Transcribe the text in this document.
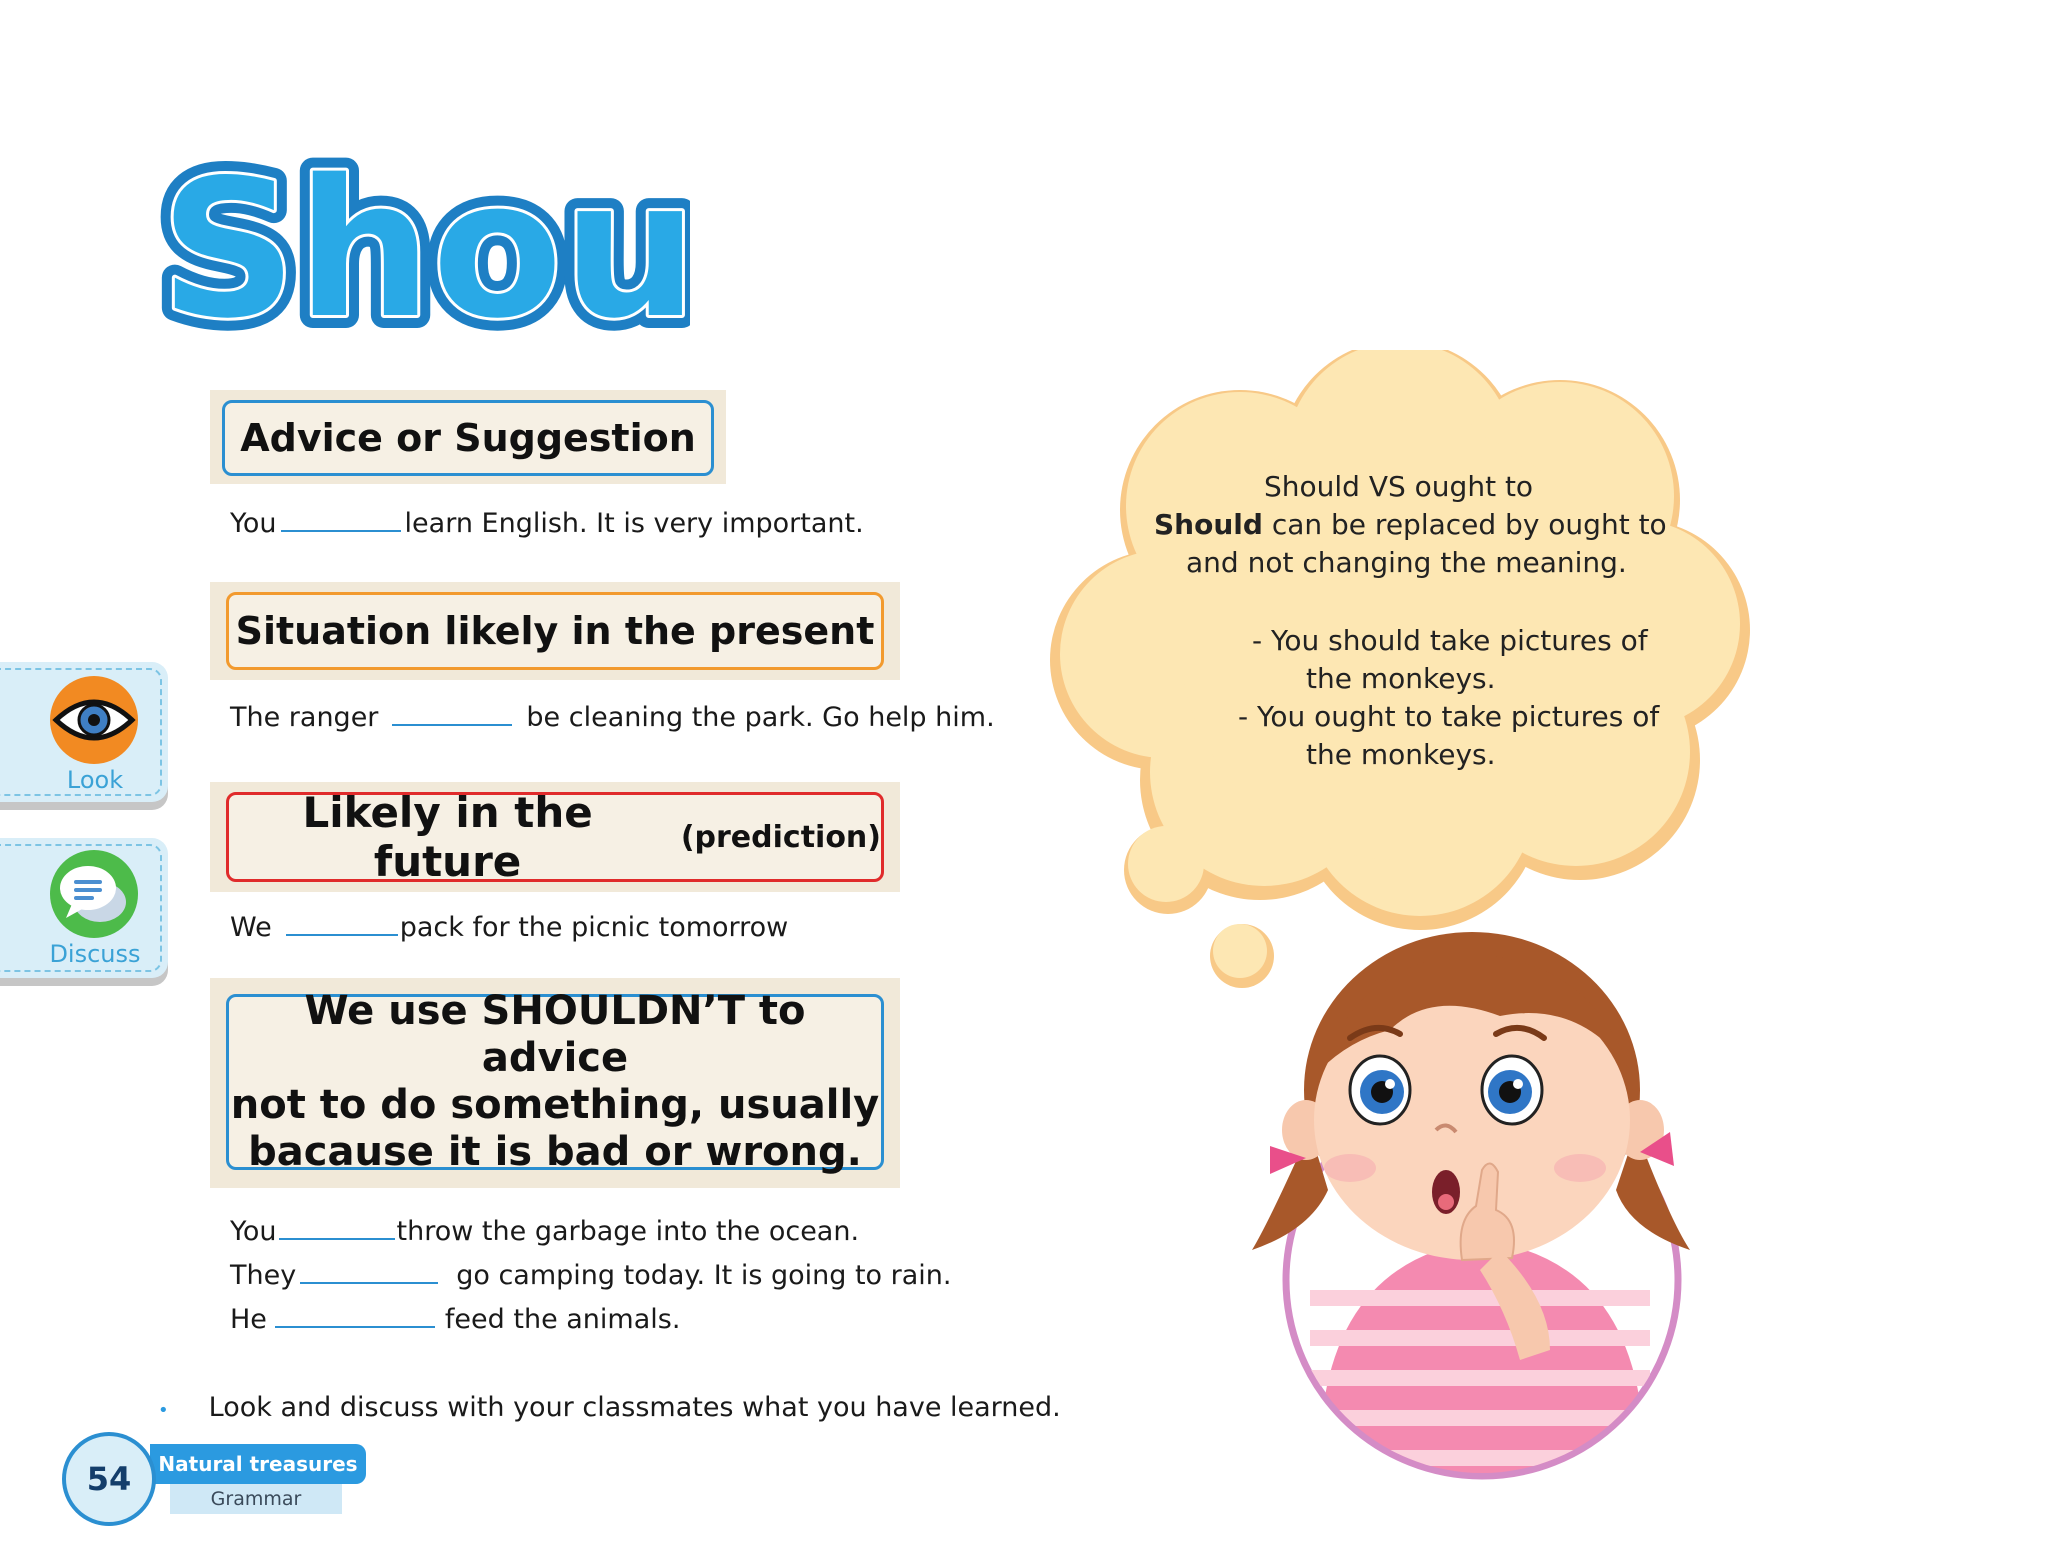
Shou
Shou
Advice or Suggestion
You	learn English. It is very important.
Situation likely in the present
The ranger	be cleaning the park. Go help him.
Likely in the future
	(prediction)
We	pack for the picnic tomorrow
We use SHOULDN’T to advice
not to do something, usually
bacause it is bad or wrong.
You	throw the garbage into the ocean.
They	go camping today. It is going to rain.
He	feed the animals.
• Look and discuss with your classmates what you have learned.
Look
Discuss
Should VS ought to
Should can be replaced by ought to
and not changing the meaning.
- You should take pictures of
the monkeys.
- You ought to take pictures of
the monkeys.
Natural treasures
Grammar
54
